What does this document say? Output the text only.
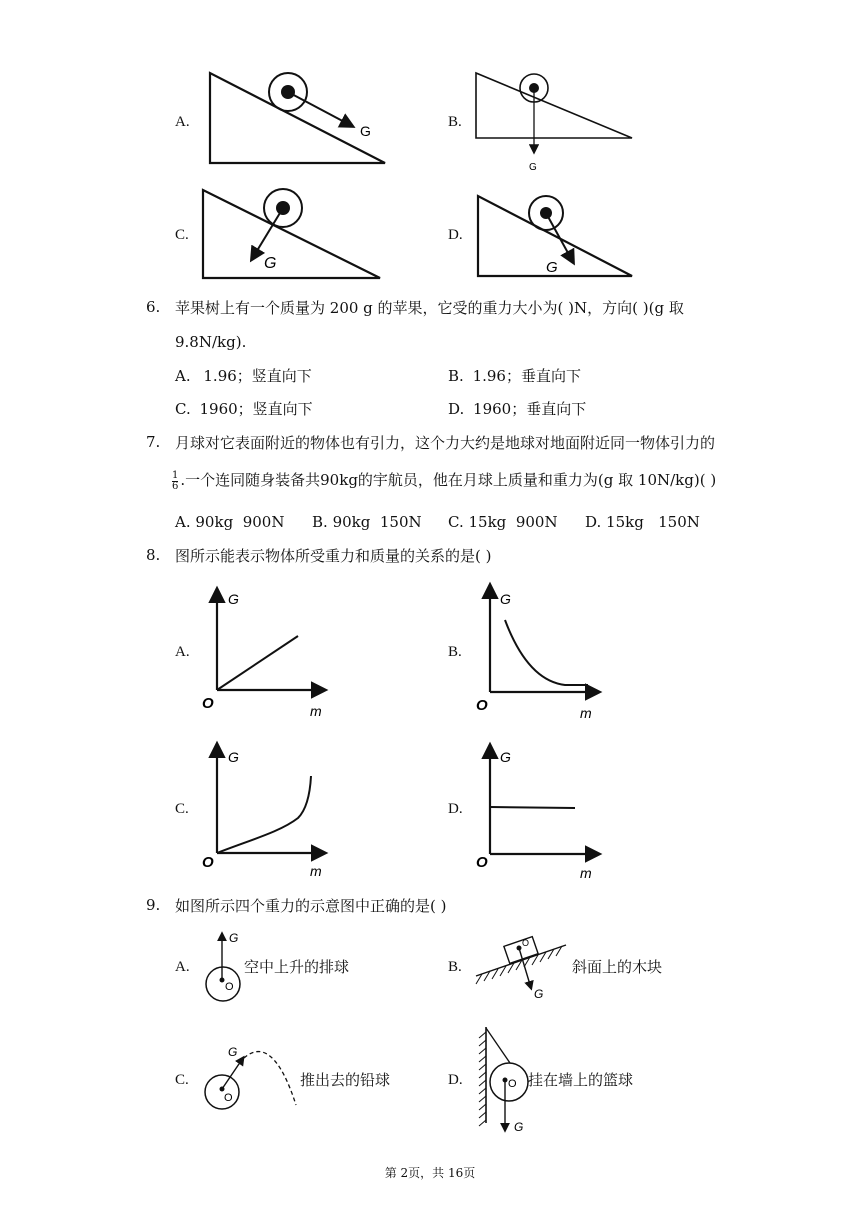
A.	B.
C.	D.
G
G
G	G
6. 苹果树上有一个质量为 200 g 的苹果，它受的重力大小为( )N，方向( )(g 取
9.8N/kg).
A. 1.96；竖直向下	B. 1.96；垂直向下
C. 1960；竖直向下	D. 1960；垂直向下
7. 月球对它表面附近的物体也有引力，这个力大约是地球对地面附近同一物体引力的
$\frac{1}{6}$ .一个连同随身装备共90kg的宇航员，他在月球上质量和重力为(g 取 10N/kg)( )
A. 90kg  900N B. 90kg  150N C. 15kg  900N D. 15kg   150N
8. 图所示能表示物体所受重力和质量的关系的是( )
A.	B.
C.	D.
G
O	m
G
O	m
G
O	m
G
O
m
9. 如图所示四个重力的示意图中正确的是( )
A.	空中上升的排球	B.	斜面上的木块
C.	推出去的铅球	D.	挂在墙上的篮球
G
O	G
O
G
O
G
O
第 2页，共 16页
